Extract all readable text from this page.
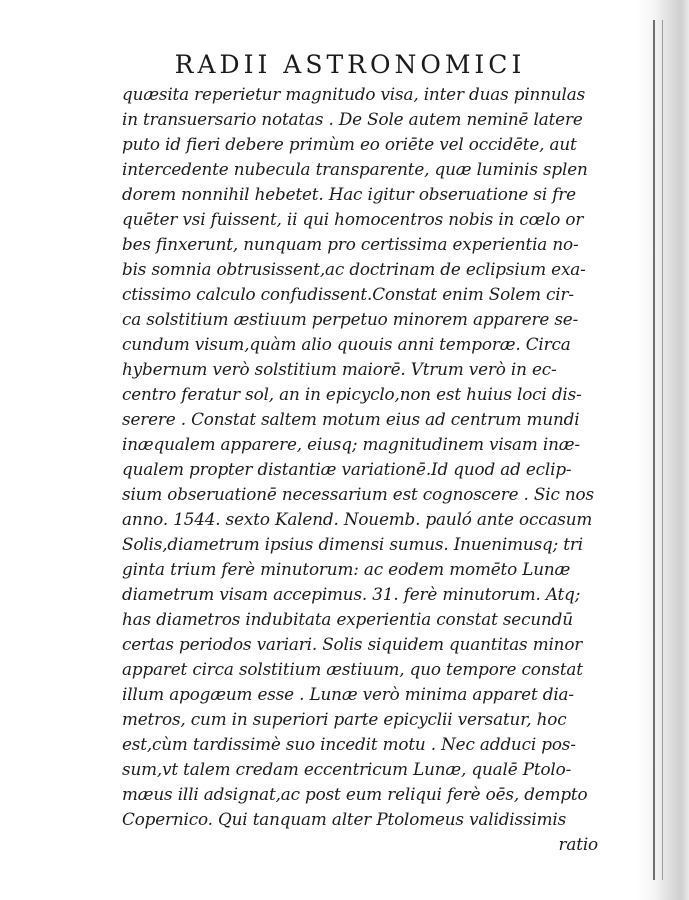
RADII ASTRONOMICI
quæsita reperietur magnitudo visa, inter duas pinnulas
in transuersario notatas . De Sole autem neminē latere
puto id fieri debere primùm eo oriēte vel occidēte, aut
intercedente nubecula transparente, quæ luminis splen
dorem nonnihil hebetet. Hac igitur obseruatione si fre
quēter vsi fuissent, ii qui homocentros nobis in cœlo or
bes finxerunt, nunquam pro certissima experientia no-
bis somnia obtrusissent,ac doctrinam de eclipsium exa-
ctissimo calculo confudissent.Constat enim Solem cir-
ca solstitium æstiuum perpetuo minorem apparere se-
cundum visum,quàm alio quouis anni temporæ. Circa
hybernum verò solstitium maiorē. Vtrum verò in ec-
centro feratur sol, an in epicyclo,non est huius loci dis-
serere . Constat saltem motum eius ad centrum mundi
inæqualem apparere, eiusq; magnitudinem visam inæ-
qualem propter distantiæ variationē.Id quod ad eclip-
sium obseruationē necessarium est cognoscere . Sic nos
anno. 1544. sexto Kalend. Nouemb. pauló ante occasum
Solis,diametrum ipsius dimensi sumus. Inuenimusq; tri
ginta trium ferè minutorum: ac eodem momēto Lunæ
diametrum visam accepimus. 31. ferè minutorum. Atq;
has diametros indubitata experientia constat secundū
certas periodos variari. Solis siquidem quantitas minor
apparet circa solstitium æstiuum, quo tempore constat
illum apogæum esse . Lunæ verò minima apparet dia-
metros, cum in superiori parte epicyclii versatur, hoc
est,cùm tardissimè suo incedit motu . Nec adduci pos-
sum,vt talem credam eccentricum Lunæ, qualē Ptolo-
mæus illi adsignat,ac post eum reliqui ferè oēs, dempto
Copernico. Qui tanquam alter Ptolomeus validissimis
ratio
